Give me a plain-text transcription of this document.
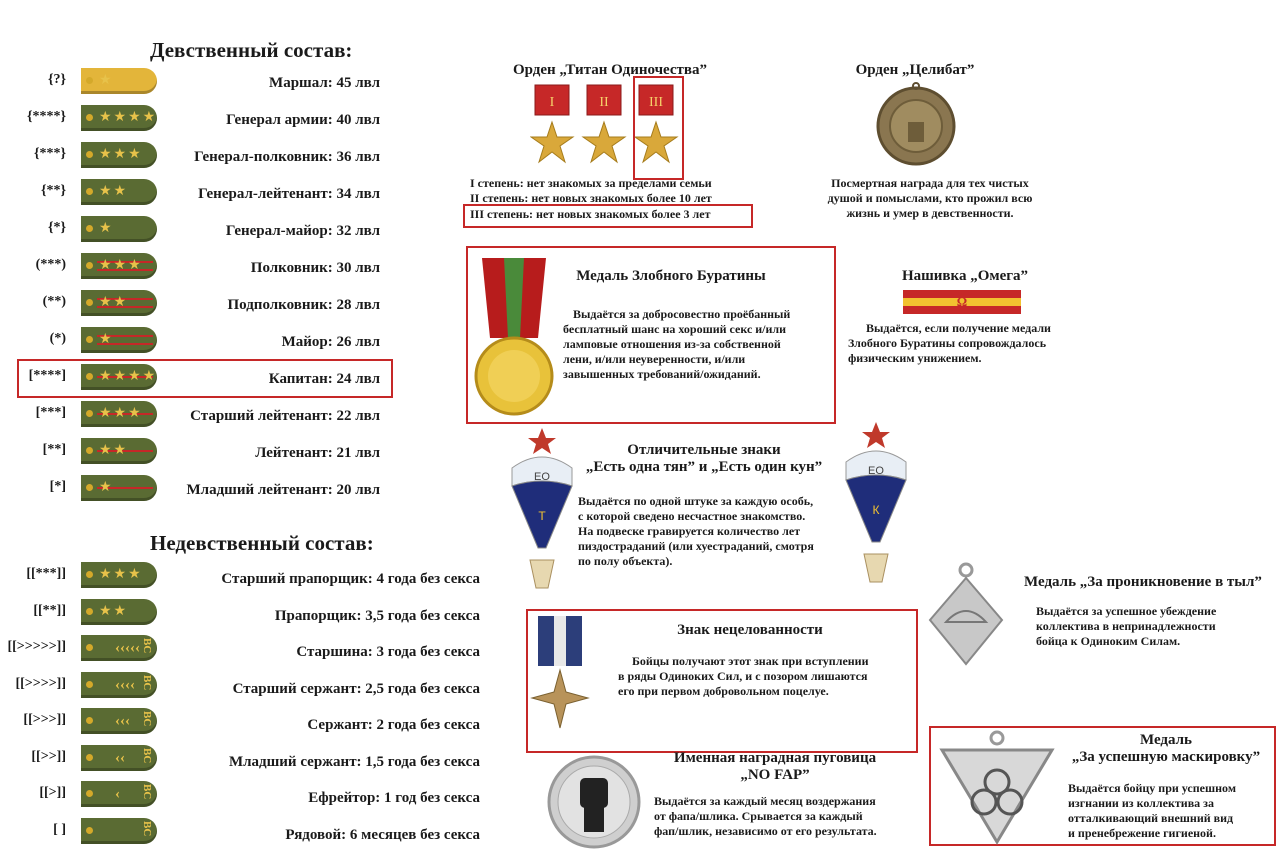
Девственный состав:
{?} ★	Маршал: 45 лвл
{****} ★★★★	Генерал армии: 40 лвл
{***} ★★★	Генерал-полковник: 36 лвл
{**} ★★	Генерал-лейтенант: 34 лвл
{*} ★	Генерал-майор: 32 лвл
(***) ★★★	Полковник: 30 лвл
(**) ★★	Подполковник: 28 лвл
(*) ★	Майор: 26 лвл
[****] ★★★★	Капитан: 24 лвл
[***] ★★★	Старший лейтенант: 22 лвл
[**] ★★	Лейтенант: 21 лвл
[*] ★	Младший лейтенант: 20 лвл
Недевственный состав:
[[***]] ★★★	Старший прапорщик: 4 года без секса
[[**]] ★★	Прапорщик: 3,5 года без секса
[[>>>>>]]	‹‹‹‹‹ ВС	Старшина: 3 года без секса
[[>>>>]]	‹‹‹‹ ВС	Старший сержант: 2,5 года без секса
[[>>>]]	‹‹‹ ВС	Сержант: 2 года без секса
[[>>]]	‹‹ ВС	Младший сержант: 1,5 года без секса
[[>]]	‹ ВС	Ефрейтор: 1 год без секса
[ ]	ВС	Рядовой: 6 месяцев без секса
Орден „Титан Одиночества”
I	II	III
I степень: нет знакомых за пределами семьи
II степень: нет новых знакомых более 10 лет
III степень: нет новых знакомых более 3 лет
Орден „Целибат”
Посмертная награда для тех чистых
душой и помыслами, кто прожил всю
жизнь и умер в девственности.
Медаль Злобного Буратины
Выдаётся за добросовестно проёбанный
бесплатный шанс на хороший секс и/или
ламповые отношения из-за собственной
лени, и/или неуверенности, и/или
завышенных требований/ожиданий.
Нашивка „Омега”
Ω
Выдаётся, если получение медали
Злобного Буратины сопровождалось
физическим унижением.
ЕО
Т
ЕО
К
Отличительные знаки
„Есть одна тян” и „Есть один кун”
Выдаётся по одной штуке за каждую особь,
с которой сведено несчастное знакомство.
На подвеске гравируется количество лет
пиздостраданий (или хуестраданий, смотря
по полу объекта).
Медаль „За проникновение в тыл”
Выдаётся за успешное убеждение
коллектива в непринадлежности
бойца к Одиноким Силам.
Знак нецелованности
Бойцы получают этот знак при вступлении
в ряды Одиноких Сил, и с позором лишаются
его при первом добровольном поцелуе.
Именная наградная пуговица
„NO FAP”
Выдаётся за каждый месяц воздержания
от фапа/шлика. Срывается за каждый
фап/шлик, независимо от его результата.
Медаль
„За успешную маскировку”
Выдаётся бойцу при успешном
изгнании из коллектива за
отталкивающий внешний вид
и пренебрежение гигиеной.
